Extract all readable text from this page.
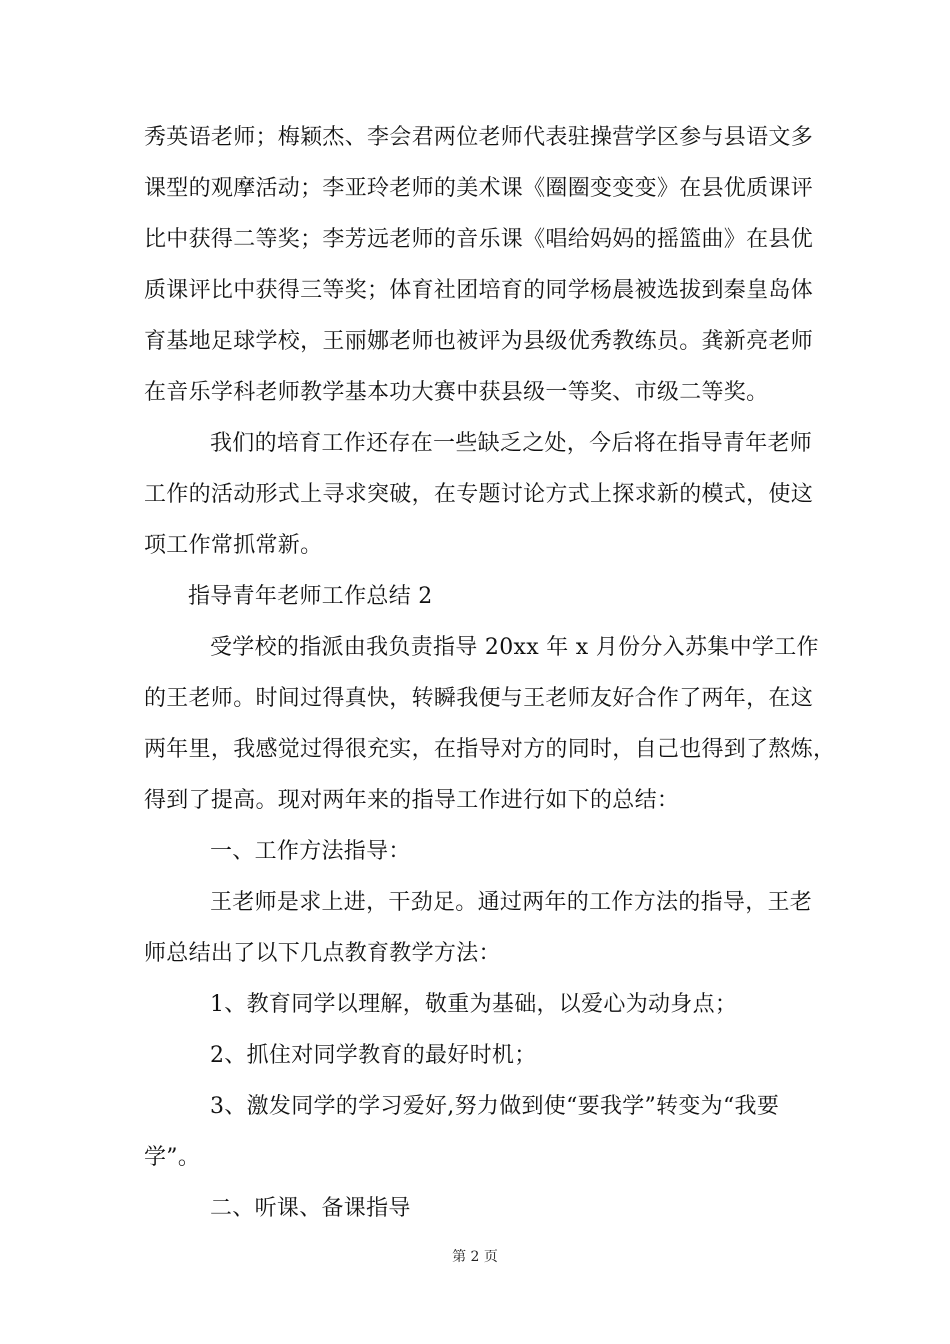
秀英语老师；梅颖杰、李会君两位老师代表驻操营学区参与县语文多
课型的观摩活动；李亚玲老师的美术课《圈圈变变变》在县优质课评
比中获得二等奖；李芳远老师的音乐课《唱给妈妈的摇篮曲》在县优
质课评比中获得三等奖；体育社团培育的同学杨晨被选拔到秦皇岛体
育基地足球学校，王丽娜老师也被评为县级优秀教练员。龚新亮老师
在音乐学科老师教学基本功大赛中获县级一等奖、市级二等奖。
我们的培育工作还存在一些缺乏之处，今后将在指导青年老师
工作的活动形式上寻求突破，在专题讨论方式上探求新的模式，使这
项工作常抓常新。
指导青年老师工作总结 2
受学校的指派由我负责指导 20xx 年 x 月份分入苏集中学工作
的王老师。时间过得真快，转瞬我便与王老师友好合作了两年，在这
两年里，我感觉过得很充实，在指导对方的同时，自己也得到了熬炼，
得到了提高。现对两年来的指导工作进行如下的总结：
一、工作方法指导：
王老师是求上进，干劲足。通过两年的工作方法的指导，王老
师总结出了以下几点教育教学方法：
1、教育同学以理解，敬重为基础，以爱心为动身点；
2、抓住对同学教育的最好时机；
3、激发同学的学习爱好,努力做到使“要我学”转变为“我要
学”。
二、听课、备课指导
第 2 页
